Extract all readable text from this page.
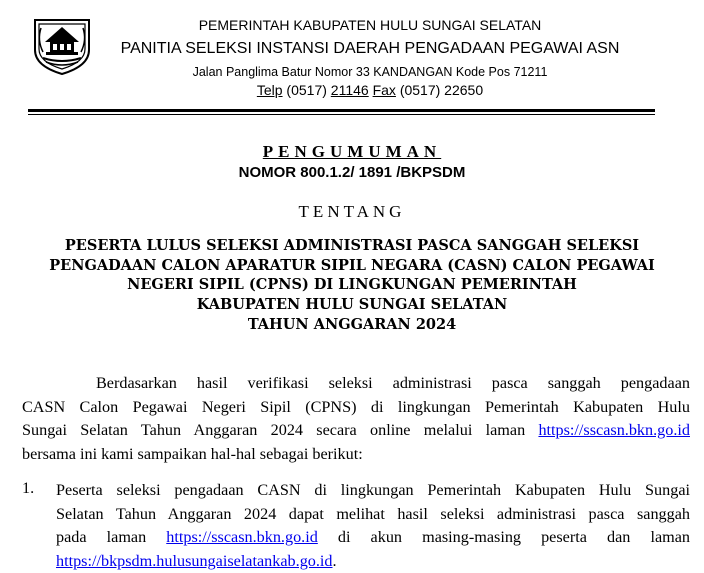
PEMERINTAH KABUPATEN HULU SUNGAI SELATAN
PANITIA SELEKSI INSTANSI DAERAH PENGADAAN PEGAWAI ASN
Jalan Panglima Batur Nomor 33 KANDANGAN Kode Pos 71211
Telp (0517) 21146 Fax (0517) 22650
PENGUMUMAN
NOMOR 800.1.2/ 1891 /BKPSDM
TENTANG
PESERTA LULUS SELEKSI ADMINISTRASI PASCA SANGGAH SELEKSI
PENGADAAN CALON APARATUR SIPIL NEGARA (CASN) CALON PEGAWAI
NEGERI SIPIL (CPNS) DI LINGKUNGAN PEMERINTAH
KABUPATEN HULU SUNGAI SELATAN
TAHUN ANGGARAN 2024
Berdasarkan hasil verifikasi seleksi administrasi pasca sanggah pengadaan
CASN Calon Pegawai Negeri Sipil (CPNS) di lingkungan Pemerintah Kabupaten Hulu
Sungai Selatan Tahun Anggaran 2024 secara online melalui laman https://sscasn.bkn.go.id
bersama ini kami sampaikan hal-hal sebagai berikut:
1. Peserta seleksi pengadaan CASN di lingkungan Pemerintah Kabupaten Hulu Sungai
Selatan Tahun Anggaran 2024 dapat melihat hasil seleksi administrasi pasca sanggah
pada laman https://sscasn.bkn.go.id di akun masing-masing peserta dan laman
https://bkpsdm.hulusungaiselatankab.go.id.
